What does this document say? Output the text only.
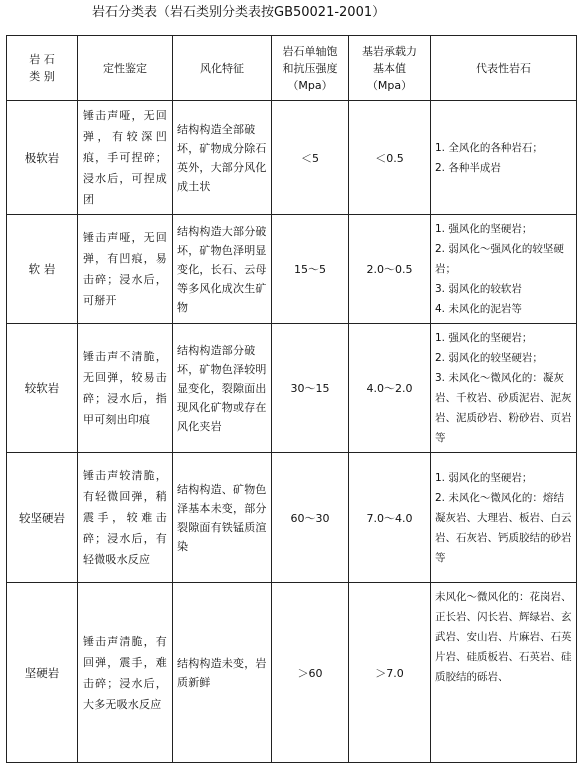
岩石分类表（岩石类别分类表按GB50021-2001）
岩 石
类 别	定性鉴定	风化特征	岩石单轴饱
和抗压强度
（Mpa）	基岩承载力
基本值
（Mpa）	代表性岩石
极软岩	锤击声哑，无回弹，有较深凹痕，手可捏碎；浸水后，可捏成团	结构构造全部破坏，矿物成分除石英外，大部分风化成土状	＜5	＜0.5	1. 全风化的各种岩石；
2. 各种半成岩

软 岩	锤击声哑，无回弹，有凹痕，易击碎；浸水后，可掰开	结构构造大部分破坏，矿物色泽明显变化，长石、云母等多风化成次生矿物	15～5	2.0～0.5	1. 强风化的坚硬岩；
2. 弱风化～强风化的较坚硬岩；
3. 弱风化的较软岩
4. 未风化的泥岩等

较软岩	锤击声不清脆，无回弹，较易击碎；浸水后，指甲可刻出印痕	结构构造部分破坏，矿物色泽较明显变化，裂隙面出现风化矿物或存在风化夹岩	30～15	4.0～2.0	1. 强风化的坚硬岩；
2. 弱风化的较坚硬岩；
3. 未风化～微风化的：凝灰岩、千枚岩、砂质泥岩、泥灰岩、泥质砂岩、粉砂岩、页岩等

较坚硬岩	锤击声较清脆，有轻微回弹，稍震手，较难击碎；浸水后，有轻微吸水反应	结构构造、矿物色泽基本未变，部分裂隙面有铁锰质渲染	60～30	7.0～4.0	1. 弱风化的坚硬岩；
2. 未风化～微风化的：熔结凝灰岩、大理岩、板岩、白云岩、石灰岩、钙质胶结的砂岩等

坚硬岩	锤击声清脆，有回弹，震手，难击碎；浸水后，大多无吸水反应	结构构造未变，岩质新鲜	＞60	＞7.0	未风化～微风化的：花岗岩、正长岩、闪长岩、辉绿岩、玄武岩、安山岩、片麻岩、石英片岩、硅质板岩、石英岩、硅质胶结的砾岩、
